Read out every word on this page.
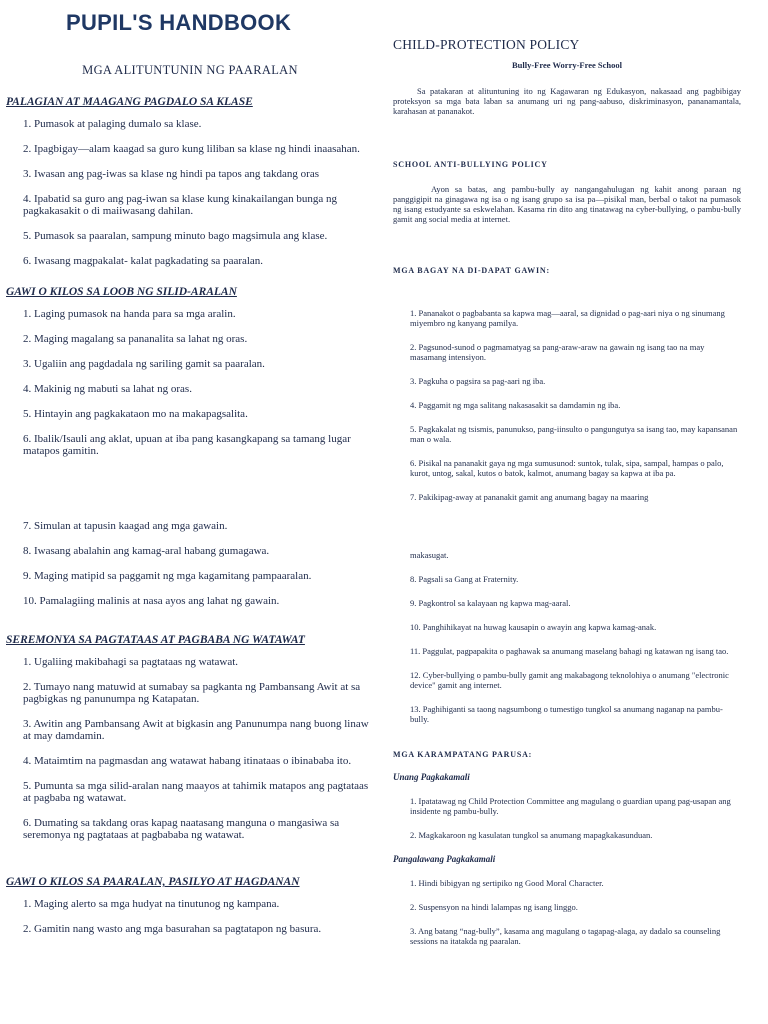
PUPIL'S HANDBOOK
MGA ALITUNTUNIN NG PAARALAN
PALAGIAN AT MAAGANG PAGDALO SA KLASE
1. Pumasok at palaging dumalo sa klase.
2. Ipagbigay—alam kaagad sa guro kung liliban sa klase ng hindi inaasahan.
3. Iwasan ang pag-iwas sa klase ng hindi pa tapos ang takdang oras
4. Ipabatid sa guro ang pag-iwan sa klase kung kinakailangan bunga ng pagkakasakit o di maiiwasang dahilan.
5. Pumasok sa paaralan, sampung minuto bago magsimula ang klase.
6. Iwasang magpakalat- kalat pagkadating sa paaralan.
GAWI O KILOS SA LOOB NG SILID-ARALAN
1. Laging pumasok na handa para sa mga aralin.
2. Maging magalang sa pananalita sa lahat ng oras.
3. Ugaliin ang pagdadala ng sariling gamit sa paaralan.
4. Makinig ng mabuti sa lahat ng oras.
5. Hintayin ang pagkakataon mo na makapagsalita.
6. Ibalik/Isauli ang aklat, upuan at iba pang kasangkapang sa tamang lugar matapos gamitin.
7. Simulan at tapusin kaagad ang mga gawain.
8. Iwasang abalahin ang kamag-aral habang gumagawa.
9. Maging matipid sa paggamit ng mga kagamitang pampaaralan.
10. Pamalagiing malinis at nasa ayos ang lahat ng gawain.
SEREMONYA SA PAGTATAAS AT PAGBABA NG WATAWAT
1. Ugaliing makibahagi sa pagtataas ng watawat.
2. Tumayo nang matuwid at sumabay sa pagkanta ng Pambansang Awit at sa pagbigkas ng panunumpa ng Katapatan.
3. Awitin ang Pambansang Awit at bigkasin ang Panunumpa nang buong linaw at may damdamin.
4. Mataimtim na pagmasdan ang watawat habang itinataas o ibinababa ito.
5. Pumunta sa mga silid-aralan nang maayos at tahimik matapos ang pagtataas at pagbaba ng watawat.
6. Dumating sa takdang oras kapag naatasang manguna o mangasiwa sa seremonya ng pagtataas at pagbababa ng watawat.
GAWI O KILOS SA PAARALAN, PASILYO AT HAGDANAN
1. Maging alerto sa mga hudyat na tinutunog ng kampana.
2. Gamitin nang wasto ang mga basurahan sa pagtatapon ng basura.
CHILD-PROTECTION POLICY
Bully-Free Worry-Free School
Sa patakaran at alituntuning ito ng Kagawaran ng Edukasyon, nakasaad ang pagbibigay proteksyon sa mga bata laban sa anumang uri ng pang-aabuso, diskriminasyon, pananamantala, karahasan at pananakot.
SCHOOL ANTI-BULLYING POLICY
Ayon sa batas, ang pambu-bully ay nangangahulugan ng kahit anong paraan ng panggigipit na ginagawa ng isa o ng isang grupo sa isa pa—pisikal man, berbal o takot na pumasok ng isang estudyante sa eskwelahan. Kasama rin dito ang tinatawag na cyber-bullying, o pambu-bully gamit ang social media at internet.
MGA BAGAY NA DI-DAPAT GAWIN:
1. Pananakot o pagbabanta sa kapwa mag—aaral, sa dignidad o pag-aari niya o ng sinumang miyembro ng kanyang pamilya.
2. Pagsunod-sunod o pagmamatyag sa pang-araw-araw na gawain ng isang tao na may masamang intensiyon.
3. Pagkuha o pagsira sa pag-aari ng iba.
4. Paggamit ng mga salitang nakasasakit sa damdamin ng iba.
5. Pagkakalat ng tsismis, panunukso, pang-iinsulto o pangungutya sa isang tao, may kapansanan man o wala.
6. Pisikal na pananakit gaya ng mga sumusunod: suntok, tulak, sipa, sampal, hampas o palo, kurot, untog, sakal, kutos o batok, kalmot, anumang bagay sa kapwa at iba pa.
7. Pakikipag-away at pananakit gamit ang anumang bagay na maaring
makasugat.
8. Pagsali sa Gang at Fraternity.
9. Pagkontrol sa kalayaan ng kapwa mag-aaral.
10. Panghihikayat na huwag kausapin o awayin ang kapwa kamag-anak.
11. Paggulat, pagpapakita o paghawak sa anumang maselang bahagi ng katawan ng isang tao.
12. Cyber-bullying o pambu-bully gamit ang makabagong teknolohiya o anumang "electronic device" gamit ang internet.
13. Paghihiganti sa taong nagsumbong o tumestigo tungkol sa anumang naganap na pambu-bully.
MGA KARAMPATANG PARUSA:
Unang Pagkakamali
1. Ipatatawag ng Child Protection Committee ang magulang o guardian upang pag-usapan ang insidente ng pambu-bully.
2. Magkakaroon ng kasulatan tungkol sa anumang mapagkakasunduan.
Pangalawang Pagkakamali
1. Hindi bibigyan ng sertipiko ng Good Moral Character.
2. Suspensyon na hindi lalampas ng isang linggo.
3. Ang batang “nag-bully”, kasama ang magulang o tagapag-alaga, ay dadalo sa counseling sessions na itatakda ng paaralan.
